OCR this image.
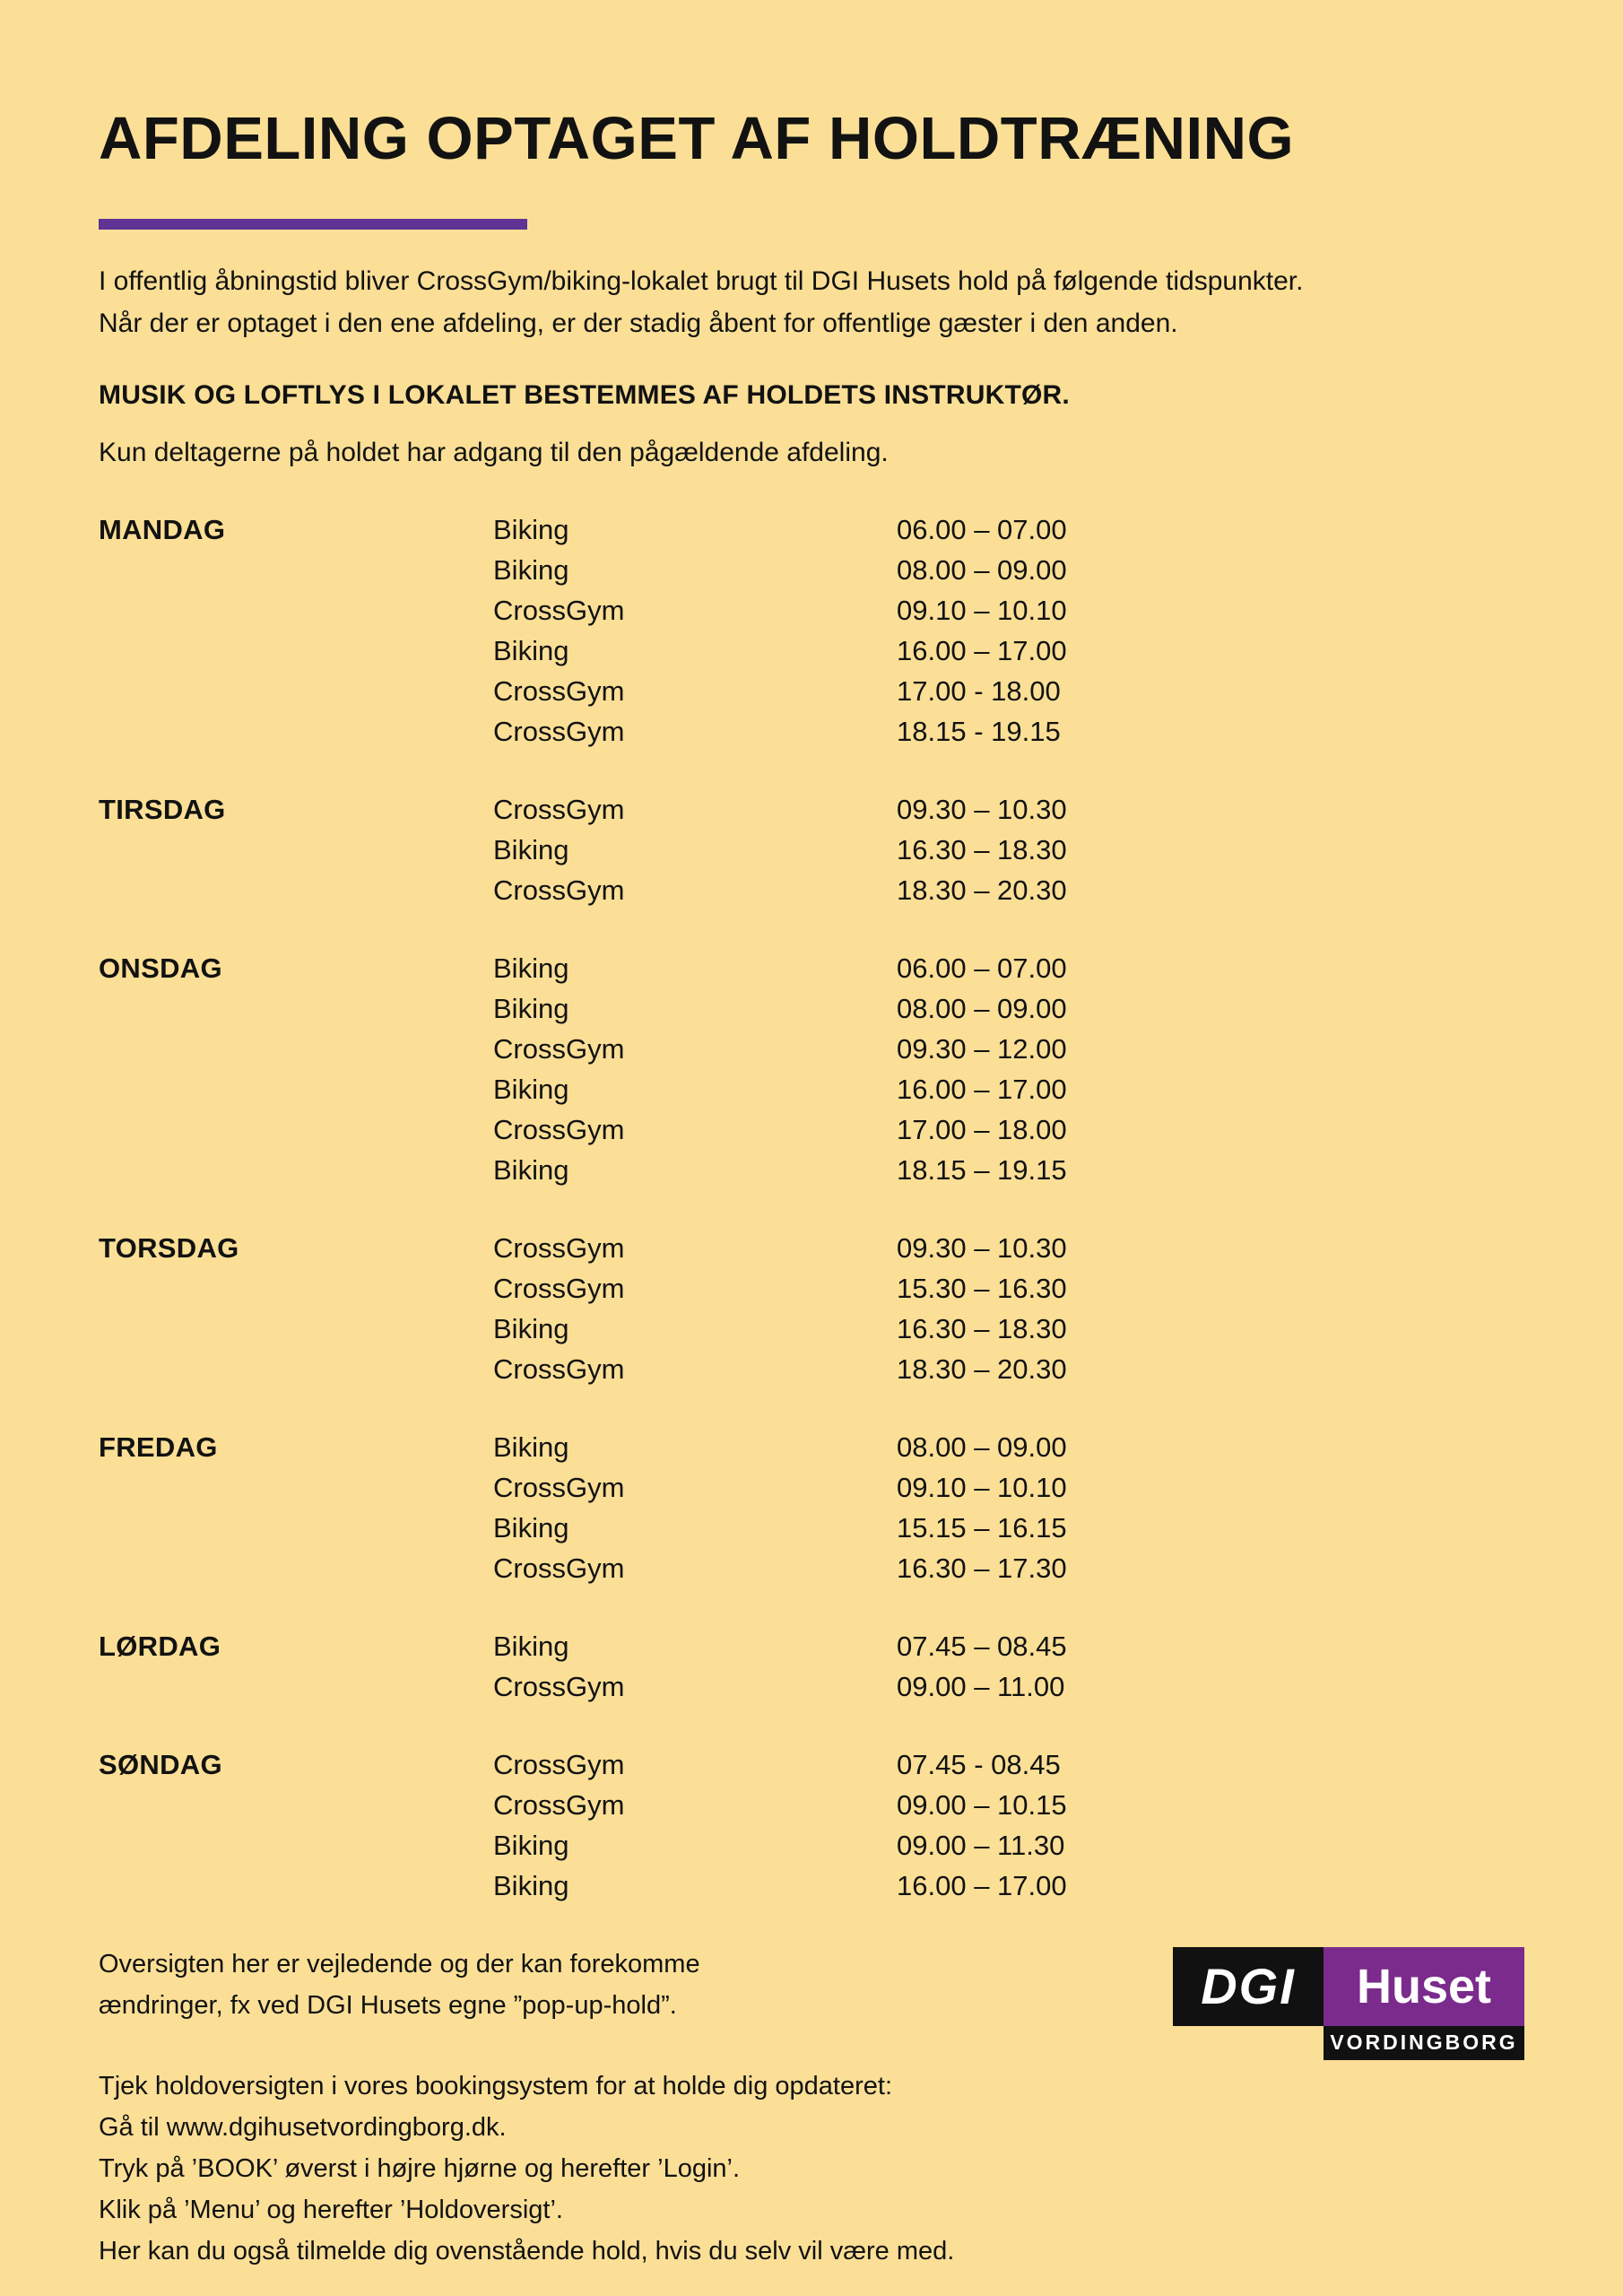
AFDELING OPTAGET AF HOLDTRÆNING

I offentlig åbningstid bliver CrossGym/biking-lokalet brugt til DGI Husets hold på følgende tidspunkter.
Når der er optaget i den ene afdeling, er der stadig åbent for offentlige gæster i den anden.

MUSIK OG LOFTLYS I LOKALET BESTEMMES AF HOLDETS INSTRUKTØR.

Kun deltagerne på holdet har adgang til den pågældende afdeling.

MANDAG	Biking	06.00 – 07.00
Biking	08.00 – 09.00
CrossGym	09.10 – 10.10
Biking	16.00 – 17.00
CrossGym	17.00 - 18.00
CrossGym	18.15 - 19.15
TIRSDAG	CrossGym	09.30 – 10.30
Biking	16.30 – 18.30
CrossGym	18.30 – 20.30
ONSDAG	Biking	06.00 – 07.00
Biking	08.00 – 09.00
CrossGym	09.30 – 12.00
Biking	16.00 – 17.00
CrossGym	17.00 – 18.00
Biking	18.15 – 19.15
TORSDAG	CrossGym	09.30 – 10.30
CrossGym	15.30 – 16.30
Biking	16.30 – 18.30
CrossGym	18.30 – 20.30
FREDAG	Biking	08.00 – 09.00
CrossGym	09.10 – 10.10
Biking	15.15 – 16.15
CrossGym	16.30 – 17.30
LØRDAG	Biking	07.45 – 08.45
CrossGym	09.00 – 11.00
SØNDAG	CrossGym	07.45 - 08.45
CrossGym	09.00 – 10.15
Biking	09.00 – 11.30
Biking	16.00 – 17.00

Oversigten her er vejledende og der kan forekomme
ændringer, fx ved DGI Husets egne ”pop-up-hold”.

Tjek holdoversigten i vores bookingsystem for at holde dig opdateret:
Gå til www.dgihusetvordingborg.dk.
Tryk på ’BOOK’ øverst i højre hjørne og herefter ’Login’.
Klik på ’Menu’ og herefter ’Holdoversigt’.
Her kan du også tilmelde dig ovenstående hold, hvis du selv vil være med.

DGI	Huset
VORDINGBORG
